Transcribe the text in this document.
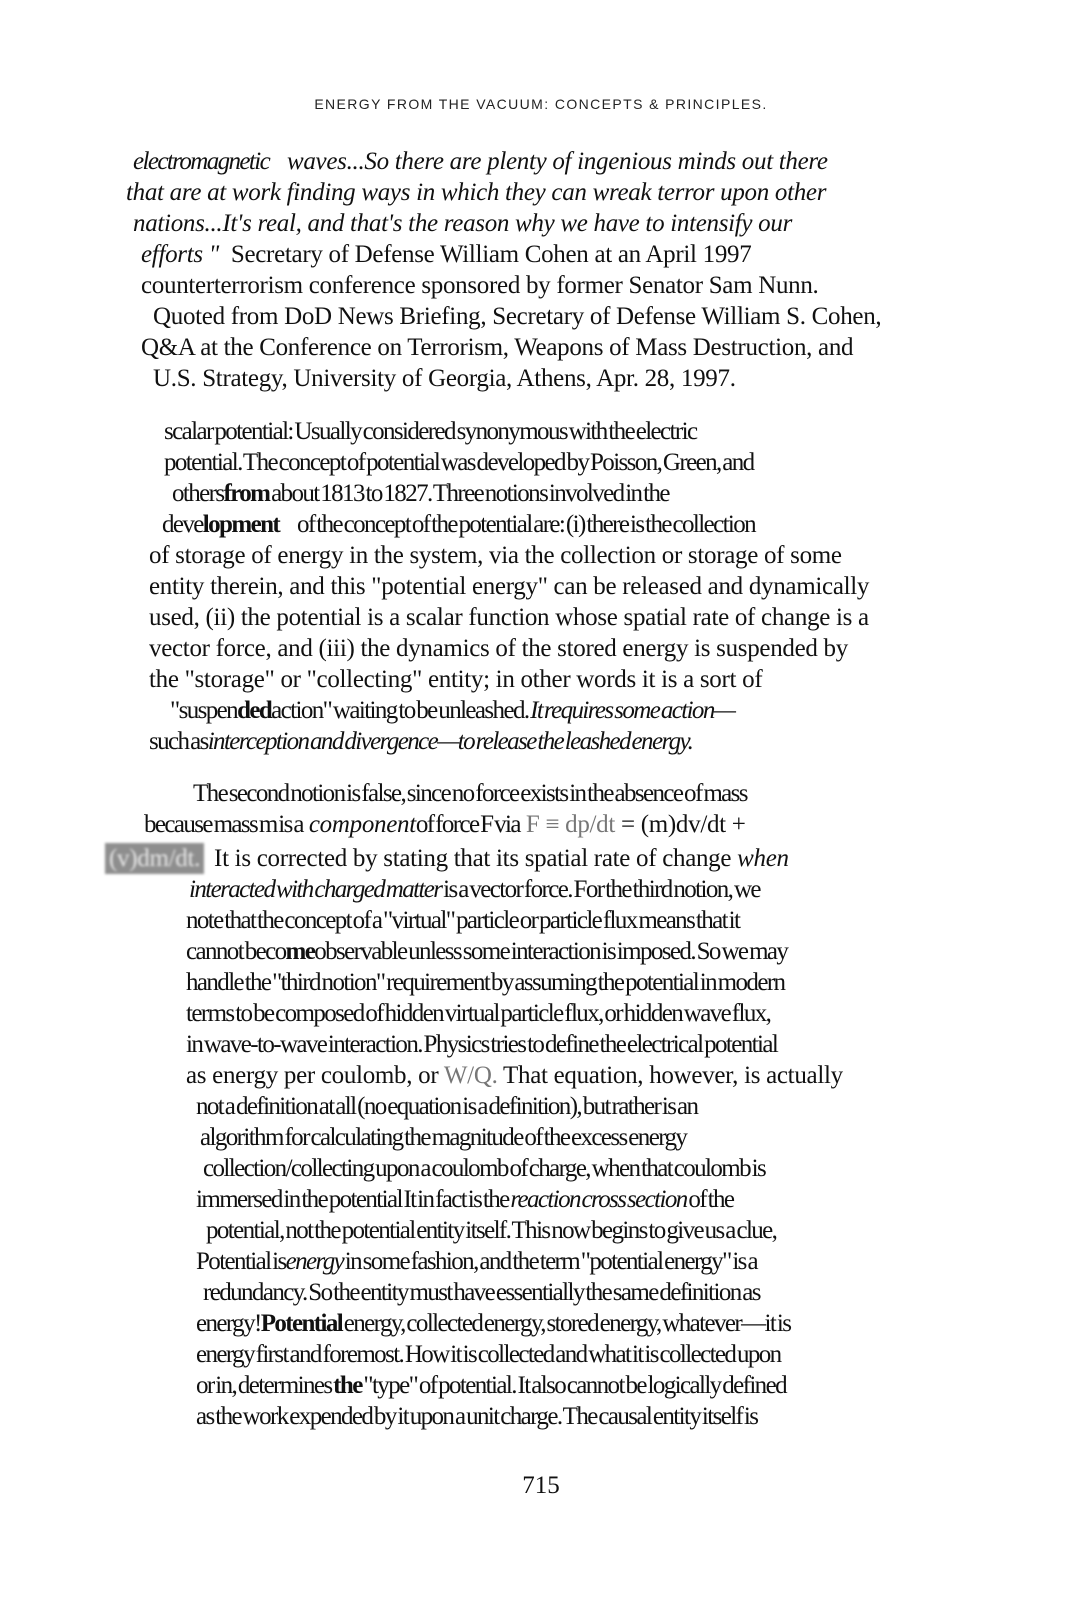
ENERGY FROM THE VACUUM: CONCEPTS & PRINCIPLES.
electromagnetic waves...So there are plenty of ingenious minds out there
that are at work finding ways in which they can wreak terror upon other
nations...It's real, and that's the reason why we have to intensify our
efforts " Secretary of Defense William Cohen at an April 1997
counterterrorism conference sponsored by former Senator Sam Nunn.
Quoted from DoD News Briefing, Secretary of Defense William S. Cohen,
Q&A at the Conference on Terrorism, Weapons of Mass Destruction, and
U.S. Strategy, University of Georgia, Athens, Apr. 28, 1997.
scalar potential: Usually considered synonymous with the electric
potential. The concept of potential was developed by Poisson, Green, and
othersfrom about 1813 to 1827. Three notions involved in the
development of the concept of the potential are: (i) there is the collection
of storage of energy in the system, via the collection or storage of some
entity therein, and this "potential energy" can be released and dynamically
used, (ii) the potential is a scalar function whose spatial rate of change is a
vector force, and (iii) the dynamics of the stored energy is suspended by
the "storage" or "collecting" entity; in other words it is a sort of
"suspendedaction" waiting to be unleashed. It requires some action—
such asinterception and divergence—to release the leashed energy.
The second notion is false, since no force exists in the absence of mass
because mass m is a componentof force F via F ≡ dp/dt = (m)dv/dt +
(v)dm/dt. It is corrected by stating that its spatial rate of change when
interacted with charged matter is a vector force. For the third notion, we
note that the concept of a "virtual" particle or particle flux means that it
cannot becomeobservable unless some interaction is imposed. So we may
handle the "third notion" requirement by assuming the potential in modern
terms to be composed of hidden virtual particle flux, or hidden wave flux,
in wave-to-wave interaction. Physics tries to define the electrical potential
as energy per coulomb, or W/Q. That equation, however, is actually
not a definition at all (no equation is a definition), but rather is an
algorithm for calculating the magnitude of the excess energy
collection/collecting upon a coulomb of charge, when that coulomb is
immersed in the potential It in fact is the reaction cross section of the
potential, not the potential entity itself. This now begins to give us a clue,
Potential isenergy in some fashion, and the term "potential energy" is a
redundancy. So the entity must have essentially the same definition as
energy!Potential energy, collected energy, stored energy, whatever—it is
energy first and foremost. How it is collected and what it is collected upon
or in, determines the "type" of potential. It also cannot be logically defined
as the work expended by it upon a unit charge. The causal entity itself is
715
